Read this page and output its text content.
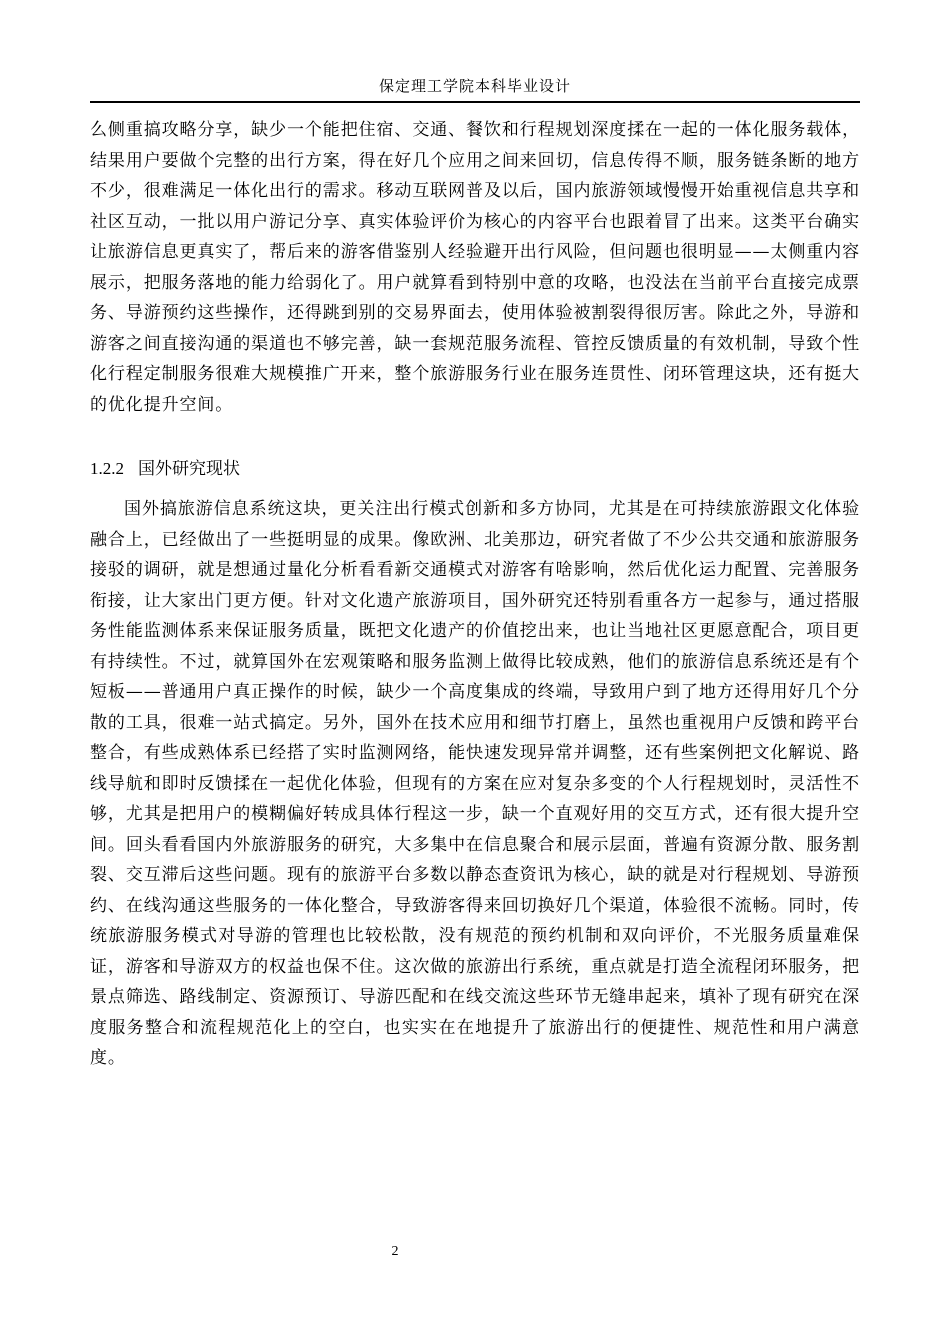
保定理工学院本科毕业设计

么侧重搞攻略分享，缺少一个能把住宿、交通、餐饮和行程规划深度揉在一起的一体化服务载体，结果用户要做个完整的出行方案，得在好几个应用之间来回切，信息传得不顺，服务链条断的地方不少，很难满足一体化出行的需求。移动互联网普及以后，国内旅游领域慢慢开始重视信息共享和社区互动，一批以用户游记分享、真实体验评价为核心的内容平台也跟着冒了出来。这类平台确实让旅游信息更真实了，帮后来的游客借鉴别人经验避开出行风险，但问题也很明显——太侧重内容展示，把服务落地的能力给弱化了。用户就算看到特别中意的攻略，也没法在当前平台直接完成票务、导游预约这些操作，还得跳到别的交易界面去，使用体验被割裂得很厉害。除此之外，导游和游客之间直接沟通的渠道也不够完善，缺一套规范服务流程、管控反馈质量的有效机制，导致个性化行程定制服务很难大规模推广开来，整个旅游服务行业在服务连贯性、闭环管理这块，还有挺大的优化提升空间。

1.2.2 国外研究现状

国外搞旅游信息系统这块，更关注出行模式创新和多方协同，尤其是在可持续旅游跟文化体验融合上，已经做出了一些挺明显的成果。像欧洲、北美那边，研究者做了不少公共交通和旅游服务接驳的调研，就是想通过量化分析看看新交通模式对游客有啥影响，然后优化运力配置、完善服务衔接，让大家出门更方便。针对文化遗产旅游项目，国外研究还特别看重各方一起参与，通过搭服务性能监测体系来保证服务质量，既把文化遗产的价值挖出来，也让当地社区更愿意配合，项目更有持续性。不过，就算国外在宏观策略和服务监测上做得比较成熟，他们的旅游信息系统还是有个短板——普通用户真正操作的时候，缺少一个高度集成的终端，导致用户到了地方还得用好几个分散的工具，很难一站式搞定。另外，国外在技术应用和细节打磨上，虽然也重视用户反馈和跨平台整合，有些成熟体系已经搭了实时监测网络，能快速发现异常并调整，还有些案例把文化解说、路线导航和即时反馈揉在一起优化体验，但现有的方案在应对复杂多变的个人行程规划时，灵活性不够，尤其是把用户的模糊偏好转成具体行程这一步，缺一个直观好用的交互方式，还有很大提升空间。回头看看国内外旅游服务的研究，大多集中在信息聚合和展示层面，普遍有资源分散、服务割裂、交互滞后这些问题。现有的旅游平台多数以静态查资讯为核心，缺的就是对行程规划、导游预约、在线沟通这些服务的一体化整合，导致游客得来回切换好几个渠道，体验很不流畅。同时，传统旅游服务模式对导游的管理也比较松散，没有规范的预约机制和双向评价，不光服务质量难保证，游客和导游双方的权益也保不住。这次做的旅游出行系统，重点就是打造全流程闭环服务，把景点筛选、路线制定、资源预订、导游匹配和在线交流这些环节无缝串起来，填补了现有研究在深度服务整合和流程规范化上的空白，也实实在在地提升了旅游出行的便捷性、规范性和用户满意度。

2
